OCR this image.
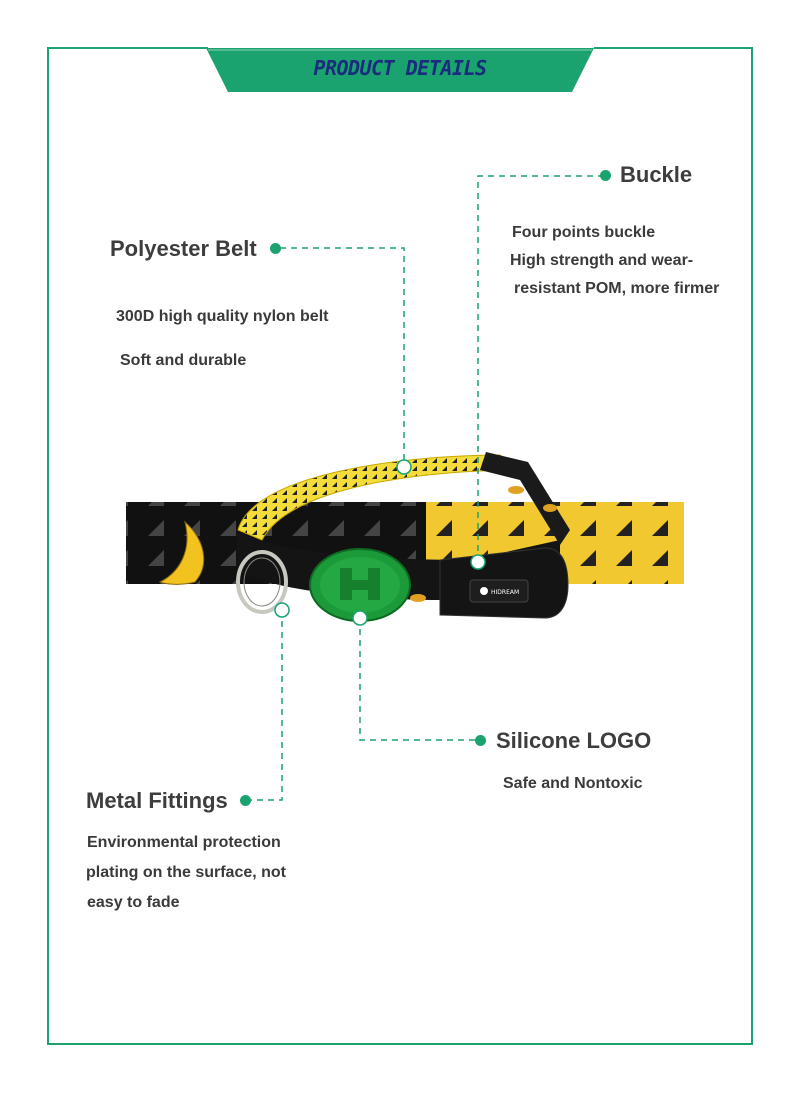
PRODUCT DETAILS
HIDREAM
Buckle
Four points buckle
High strength and wear-
resistant POM, more firmer
Polyester Belt
300D high quality nylon belt
Soft and durable
Silicone LOGO
Safe and Nontoxic
Metal Fittings
Environmental protection
plating on the surface, not
easy to fade
